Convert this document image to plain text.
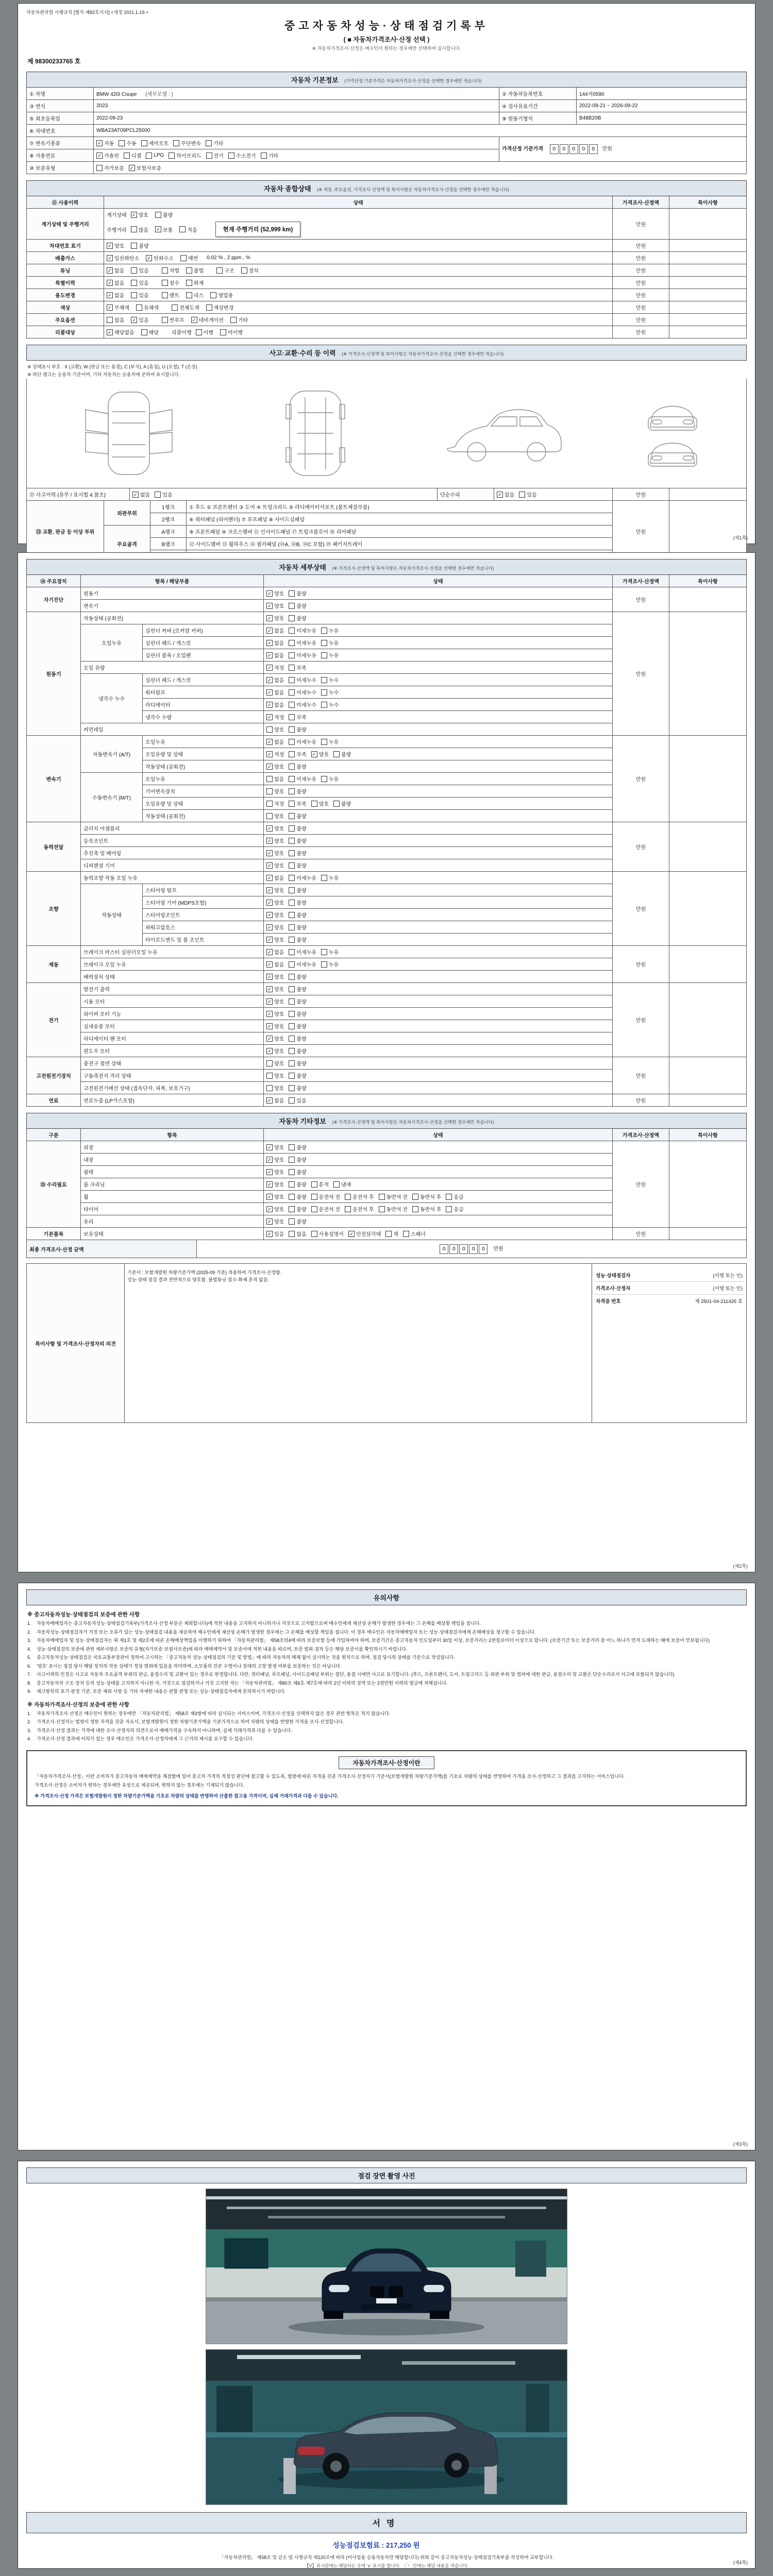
자동차관리법 시행규칙 [별지 제82호서식] <개정 2021.1.19.>
중고자동차성능·상태점검기록부
( ■ 자동차가격조사·산정 선택 )
※ 자동차가격조사·산정은 매수인이 원하는 경우에만 선택하여 실시합니다.
제 98300233765 호
자동차 기본정보 (가격산정 기준가격은 자동차가격조사·산정을 선택한 경우에만 적습니다)
① 차명	BMW 420i Coupe (세부모델 : )	② 자동차등록번호	144저0590
③ 연식	2023	④ 검사유효기간	2022-09-21 ~ 2026-09-22
⑤ 최초등록일	2022-09-23	⑨ 원동기형식	B48B20B
⑥ 차대번호	WBA23AT09PCL25000		
⑦ 변속기종류	✓ 자동 수동 세미오토 무단변속 기타
	가격산정 기준가격 0 0 0 0 0 만원
⑧ 사용연료	✓ 가솔린 디젤 LPG 하이브리드 전기 수소전기 기타

⑩ 보증유형	자가보증 ✓ 보험사보증		
자동차 종합상태 (※ 색상, 주요옵션, 가격조사·산정액 및 특이사항은 자동차가격조사·산정을 선택한 경우에만 적습니다)
⑪ 사용이력	상태	가격조사·산정액	특이사항
계기상태 및 주행거리	
계기상태 ✓ 양호	불량
주행거리 많음 ✓ 보통	적음	현재 주행거리 (52,999 km)
	만원	
차대번호 표기	✓ 양호 불량	만원	
배출가스	✓ 일산화탄소 ✓ 탄화수소	매연 0.02 % , 2 ppm , %	만원	
튜닝	✓ 없음	있음	적법	불법	구조	장치	만원	
특별이력	✓ 없음 있음 침수 화재	만원	
용도변경	✓ 없음	있음	렌트	리스	영업용	만원	
색상	✓ 무채색 유채색 전체도색 색상변경	만원	
주요옵션	없음 ✓ 있음	썬루프 ✓ 네비게이션	기타	만원	
리콜대상	✓ 해당없음	해당	리콜이행 이행	미이행	만원	
사고·교환·수리 등 이력 (※ 가격조사·산정액 및 특이사항은 자동차가격조사·산정을 선택한 경우에만 적습니다)
※ 상태표시 부호 : X (교환), W (판금 또는 용접), C (부식), A (흠집), U (요철), T (손상)
※ 하단 랭크는 승용차 기준이며, 기타 자동차는 승용차에 준하여 표시합니다.
⑫ 사고이력 (유무 / 표시법 4.참조)	✓ 없음 있음	단순수리	✓ 없음 있음	만원	
⑬ 교환, 판금 등 이상 부위	외판부위	1랭크	① 후드 ② 프론트펜더 ③ 도어 ④ 트렁크리드 ⑤ 라디에이터서포트 (볼트체결부품)	만원	
		2랭크	⑥ 쿼터패널 (리어펜더) ⑦ 루프패널 ⑧ 사이드실패널		
	주요골격	A랭크	⑨ 프론트패널 ⑩ 크로스멤버 ⑪ 인사이드패널 ⑰ 트렁크플로어 ⑱ 리어패널		
		B랭크	⑫ 사이드멤버 ⑬ 휠하우스 ⑭ 필러패널 (⑭A, ⑭B, ⑭C 포함) ⑲ 패키지트레이		

(제1쪽)
자동차 세부상태 (※ 가격조사·산정액 및 특이사항은 자동차가격조사·산정을 선택한 경우에만 적습니다)
⑭ 주요장치	항목 / 해당부품		상태	가격조사·산정액	특이사항
자기진단	원동기		✓ 양호 불량	만원	
	변속기		✓ 양호 불량		

원동기	작동상태 (공회전)		✓ 양호 불량	만원	
	오일누유	실린더 커버 (로커암 커버)	✓ 없음 미세누유 누유		

		실린더 헤드 / 개스킷	✓ 없음 미세누유 누유		

		실린더 블록 / 오일팬	✓ 없음 미세누유 누유		

	오일 유량		✓ 적정 부족		

	냉각수 누수	실린더 헤드 / 개스킷	✓ 없음 미세누수 누수		

		워터펌프	✓ 없음 미세누수 누수		

		라디에이터	✓ 없음 미세누수 누수		

		냉각수 수량	✓ 적정 부족		

	커먼레일		양호 불량		

변속기	자동변속기 (A/T)	오일누유	✓ 없음 미세누유 누유	만원	
오일유량 및 상태	✓ 적정 부족 ✓ 양호 불량

		작동상태 (공회전)	✓ 양호 불량		

	수동변속기 (M/T)	오일누유	없음 미세누유 누유		

		기어변속장치	양호 불량		

		오일유량 및 상태	적정 부족 양호 불량		

		작동상태 (공회전)	양호 불량		

동력전달	클러치 어셈블리		✓ 양호 불량	만원	
	등속조인트		✓ 양호 불량		

	추진축 및 베어링		✓ 양호 불량		

	디퍼렌셜 기어		✓ 양호 불량		

조향	동력조향 작동 오일 누유		✓ 없음 미세누유 누유	만원	
	작동상태	스티어링 펌프	✓ 양호 불량		

		스티어링 기어 (MDPS포함)	✓ 양호 불량		

		스티어링조인트	✓ 양호 불량		

		파워고압호스	✓ 양호 불량		

		타이로드엔드 및 볼 조인트	✓ 양호 불량		

제동	브레이크 마스터 실린더오일 누유		✓ 없음 미세누유 누유	만원	
	브레이크 오일 누유		✓ 없음 미세누유 누유		

	배력장치 상태		✓ 양호 불량		

전기	발전기 출력		✓ 양호 불량	만원	
	시동 모터		✓ 양호 불량		

	와이퍼 모터 기능		✓ 양호 불량		

	실내송풍 모터		✓ 양호 불량		

	라디에이터 팬 모터		✓ 양호 불량		

	윈도우 모터		✓ 양호 불량		

고전원전기장치	충전구 절연 상태		양호 불량	만원	
	구동축전지 격리 상태		양호 불량		

	고전원전기배선 상태 (접속단자, 피복, 보호기구)		양호 불량		

연료	연료누출 (LP가스포함)		✓ 없음 있음	만원	
자동차 기타정보 (※ 가격조사·산정액 및 특이사항은 자동차가격조사·산정을 선택한 경우에만 적습니다)
구분	항목	상태	가격조사·산정액	특이사항
⑮ 수리필요	외장	✓ 양호 불량	만원	
	내장	✓ 양호 불량		

	광택	✓ 양호 불량		

	룸 크리닝	✓ 양호 불량 흔적 냄새		

휠	✓ 양호 불량 운전석 전 운전석 후 동반석 전 동반석 후 응급

타이어	✓ 양호 불량 운전석 전 운전석 후 동반석 전 동반석 후 응급

	유리	✓ 양호 불량		

기본품목	보유상태	✓ 있음 없음 사용설명서 ✓ 안전삼각대 잭 스패너	만원	
최종 가격조사·산정 금액	0 0 0 0 0 만원
특이사항 및 가격조사·산정자의 의견	
기준서 : 보험개발원 차량기준가액 (2025-09 기준) 적용하여 가격조사·산정함.
성능·상태 점검 결과 전반적으로 양호함. 불법튜닝·침수·화재 흔적 없음.

성능·상태점검자	(서명 또는 인)
가격조사·산정자	(서명 또는 인)
자격증 번호	제 2501-04-211425 호
(제2쪽)
유의사항
※ 중고자동차성능·상태점검의 보증에 관한 사항
1.	자동차매매업자는 중고자동차성능·상태점검기록부(가격조사·산정 부분은 제외합니다)에 적힌 내용을 고지하지 아니하거나 거짓으로 고지함으로써 매수인에게 재산상 손해가 발생한 경우에는 그 손해를 배상할 책임을 집니다.
2.	자동차성능·상태점검자가 거짓 또는 오류가 있는 성능·상태점검 내용을 제공하여 매수인에게 재산상 손해가 발생한 경우에는 그 손해를 배상할 책임을 집니다. 이 경우 매수인은 자동차매매업자 또는 성능·상태점검자에게 손해배상을 청구할 수 있습니다.
3.	자동차매매업자 및 성능·상태점검자는 위 제1호 및 제2호에 따른 손해배상책임을 이행하기 위하여 「자동차관리법」 제58조의4에 따라 보증보험 등에 가입하여야 하며, 보증기간은 중고자동차 인도일부터 30일 이상, 보증거리는 2천킬로미터 이상으로 합니다. (보증기간 또는 보증거리 중 어느 하나가 먼저 도래하는 때에 보증이 만료됩니다)
4.	성능·상태점검의 보증에 관한 세부사항은 보증의 유형(자가보증·보험사보증)에 따라 매매계약서 및 보증서에 적힌 내용을 따르며, 보증 범위·절차 등은 해당 보증서를 확인하시기 바랍니다.
5.	중고자동차성능·상태점검은 국토교통부장관이 정하여 고시하는 「중고자동차 성능·상태점검의 기준 및 방법」에 따라 자동차의 해체 없이 실시하는 것을 원칙으로 하며, 점검 당시의 상태를 기준으로 작성됩니다.
6.	'양호' 표시는 점검 당시 해당 장치의 작동 상태가 정상 범위에 있음을 의미하며, 소모품의 잔존 수명이나 장래의 고장 발생 여부를 보증하는 것은 아닙니다.
7.	사고이력의 인정은 사고로 자동차 주요골격 부위의 판금, 용접수리 및 교환이 있는 경우로 한정합니다. 다만, 쿼터패널, 루프패널, 사이드실패널 부위는 절단, 용접 시에만 사고로 표기합니다. (후드, 프론트펜더, 도어, 트렁크리드 등 외판 부위 및 범퍼에 대한 판금, 용접수리 및 교환은 단순수리로서 사고에 포함되지 않습니다)
8.	중고자동차의 구조·장치 등의 성능·상태를 고지하지 아니한 자, 거짓으로 점검하거나 거짓 고지한 자는 「자동차관리법」 제80조 제6호·제7호에 따라 2년 이하의 징역 또는 2천만원 이하의 벌금에 처해집니다.
9.	체크항목의 표기·판정 기준, 보증 제외 사항 등 기타 자세한 내용은 관할 관청 또는 성능·상태점검자에게 문의하시기 바랍니다.
※ 자동차가격조사·산정의 보증에 관한 사항
1.	자동차가격조사·산정은 매수인이 원하는 경우에만 「자동차관리법」 제58조 제3항에 따라 실시되는 서비스이며, 가격조사·산정을 선택하지 않은 경우 관련 항목은 적지 않습니다.
2.	가격조사·산정자는 법령이 정한 자격을 갖춘 자로서, 보험개발원이 정한 차량기준가액을 기준가격으로 하여 차량의 상태를 반영한 가격을 조사·산정합니다.
3.	가격조사·산정 결과는 가격에 대한 조사·산정자의 의견으로서 매매가격을 구속하지 아니하며, 실제 거래가격과 다를 수 있습니다.
4.	가격조사·산정 결과에 이의가 있는 경우 매수인은 가격조사·산정자에게 그 근거의 제시를 요구할 수 있습니다.
자동차가격조사·산정이란
「자동차가격조사·산정」이란 소비자가 중고자동차 매매계약을 체결함에 있어 중고차 가격의 적절성 판단에 참고할 수 있도록, 법령에 따른 자격을 갖춘 가격조사·산정자가 기준서(보험개발원 차량기준가액)를 기초로 차량의 상태를 반영하여 가격을 조사·산정하고 그 결과를 고지하는 서비스입니다.
가격조사·산정은 소비자가 원하는 경우에만 유상으로 제공되며, 원하지 않는 경우에는 기재되지 않습니다.
※ 가격조사·산정 가격은 보험개발원이 정한 차량기준가액을 기초로 차량의 상태를 반영하여 산출한 참고용 가격이며, 실제 거래가격과 다를 수 있습니다.
(제3쪽)
점검 장면 촬영 사진
서명
성능점검보험료 : 217,250 원
「자동차관리법」 제58조 및 같은 법 시행규칙 제120조에 따라 (비사업용 승용자동차만 해당합니다) 위와 같이 중고자동차성능·상태점검기록부를 작성하여 교부합니다.
【Ⅴ】표시란에는 해당되는 곳에 '∨' 표시를 합니다. 〈 〉 안에는 해당 내용을 적습니다.
(제4쪽)
